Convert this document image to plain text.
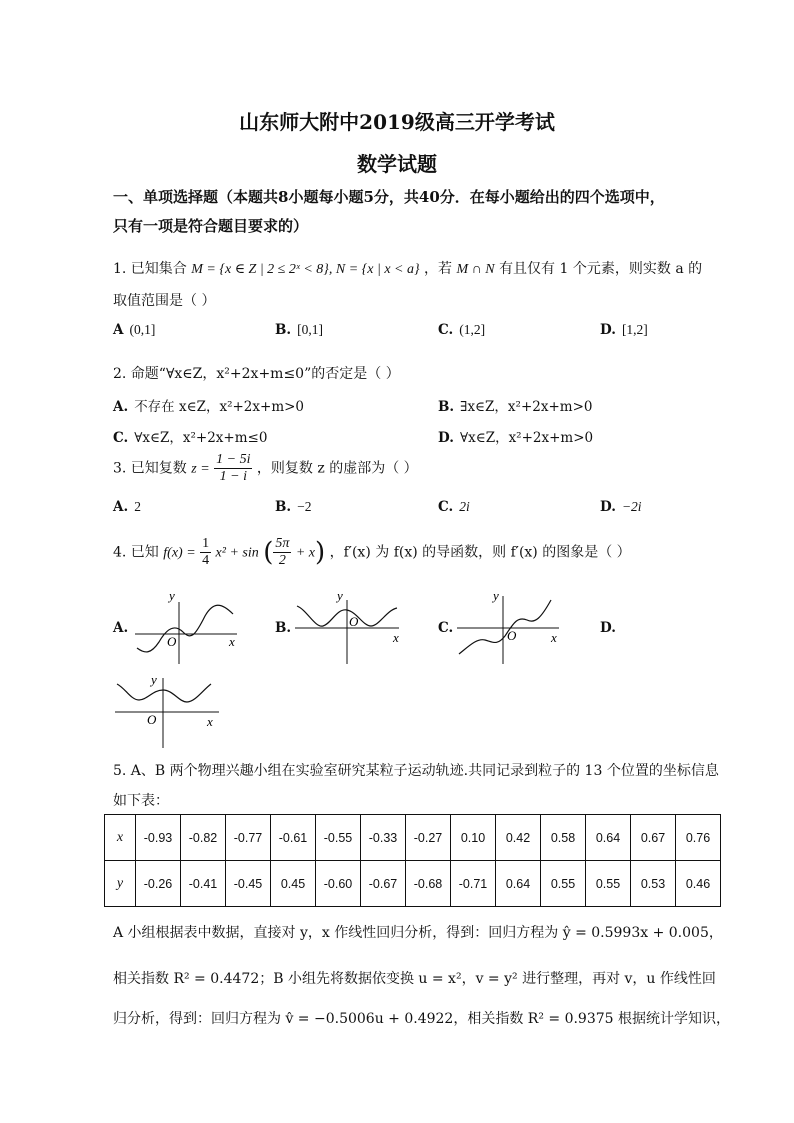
山东师大附中2019级高三开学考试
数学试题
一、单项选择题（本题共8小题每小题5分，共40分．在每小题给出的四个选项中，
只有一项是符合题目要求的）
1. 已知集合 M = {x ∈ Z | 2 ≤ 2ˣ < 8}, N = {x | x < a} ，若 M ∩ N 有且仅有 1 个元素，则实数 a 的
取值范围是（ ）
A (0,1]	B. [0,1]	C. (1,2]	D. [1,2]
2. 命题“∀x∈Z，x²+2x+m≤0”的否定是（ ）
A. 不存在 x∈Z，x²+2x+m>0	B. ∃x∈Z，x²+2x+m>0
C. ∀x∈Z，x²+2x+m≤0	D. ∀x∈Z，x²+2x+m>0
3. 已知复数 $z = \frac{1 - 5i}{1 - i}$ ，则复数 z 的虚部为（ ）
A. 2	B. −2	C. 2i	D. −2i
4. 已知 $f(x) = \frac{1}{4} x^2 + \sin$ ( $\frac{5\pi}{2} + x$) ，f′(x) 为 f(x) 的导函数，则 f′(x) 的图象是（ ）
A.	B.	C.	D.
y
x
O
y
x
O
y
x
O
y
x
O
5. A、B 两个物理兴趣小组在实验室研究某粒子运动轨迹.共同记录到粒子的 13 个位置的坐标信息
如下表：
x	-0.93	-0.82	-0.77	-0.61	-0.55	-0.33	-0.27	0.10	0.42	0.58	0.64	0.67	0.76
y	-0.26	-0.41	-0.45	0.45	-0.60	-0.67	-0.68	-0.71	0.64	0.55	0.55	0.53	0.46
A 小组根据表中数据，直接对 y，x 作线性回归分析，得到：回归方程为 ŷ = 0.5993x + 0.005，
相关指数 R² = 0.4472；B 小组先将数据依变换 u = x²，v = y² 进行整理，再对 v，u 作线性回
归分析，得到：回归方程为 v̂ = −0.5006u + 0.4922，相关指数 R² = 0.9375 根据统计学知识，
